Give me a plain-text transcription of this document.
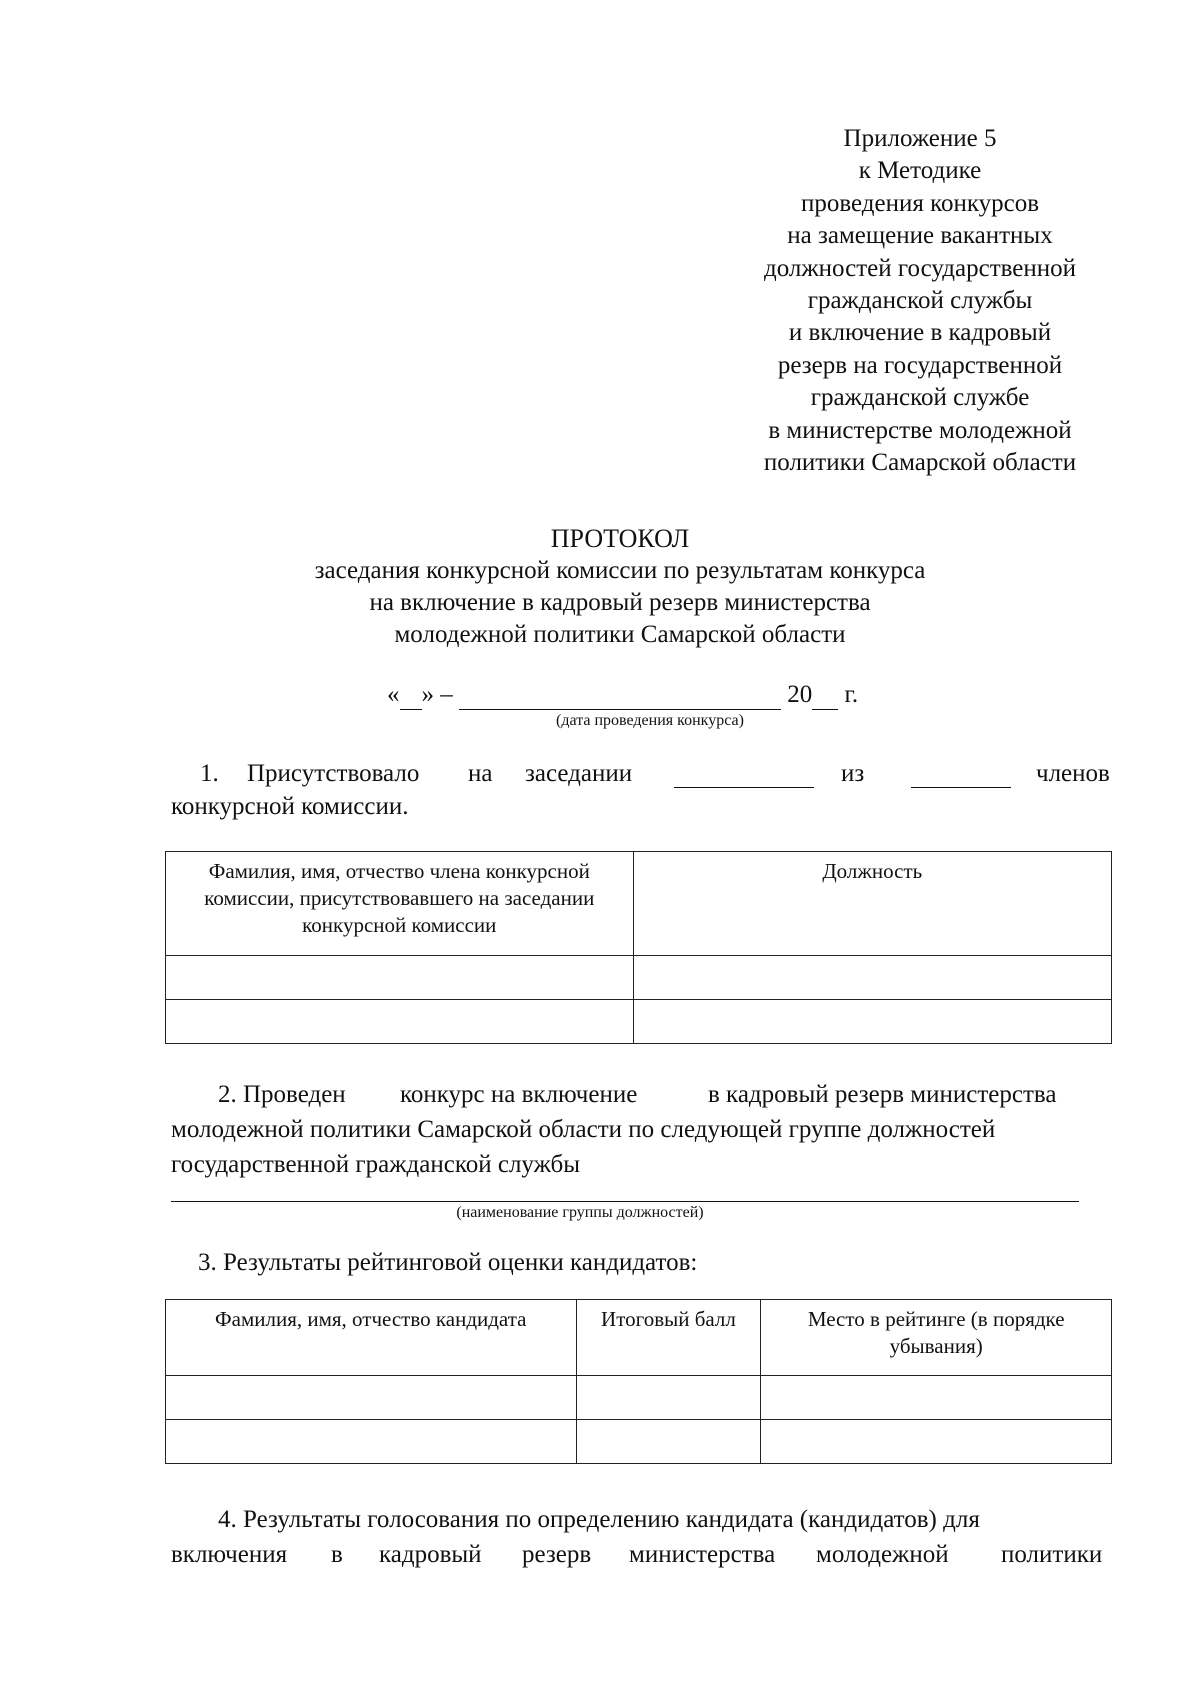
Приложение 5
к Методике
проведения конкурсов
на замещение вакантных
должностей государственной
гражданской службы
и включение в кадровый
резерв на государственной
гражданской службе
в министерстве молодежной
политики Самарской области
ПРОТОКОЛ
заседания конкурсной комиссии по результатам конкурса
на включение в кадровый резерв министерства
молодежной политики Самарской области
« » –	20 г.
(дата проведения конкурса)
1. Присутствовало на заседании	из	членов
конкурсной комиссии.
Фамилия, имя, отчество члена конкурсной комиссии, присутствовавшего на заседании конкурсной комиссии	Должность

2. Проведен конкурс на включение	в кадровый резерв министерства
молодежной политики Самарской области по следующей группе должностей
государственной гражданской службы
(наименование группы должностей)
3. Результаты рейтинговой оценки кандидатов:
Фамилия, имя, отчество кандидата	Итоговый балл	Место в рейтинге (в порядке убывания)

4. Результаты голосования по определению кандидата (кандидатов) для
включения в кадровый резерв министерства молодежной политики
